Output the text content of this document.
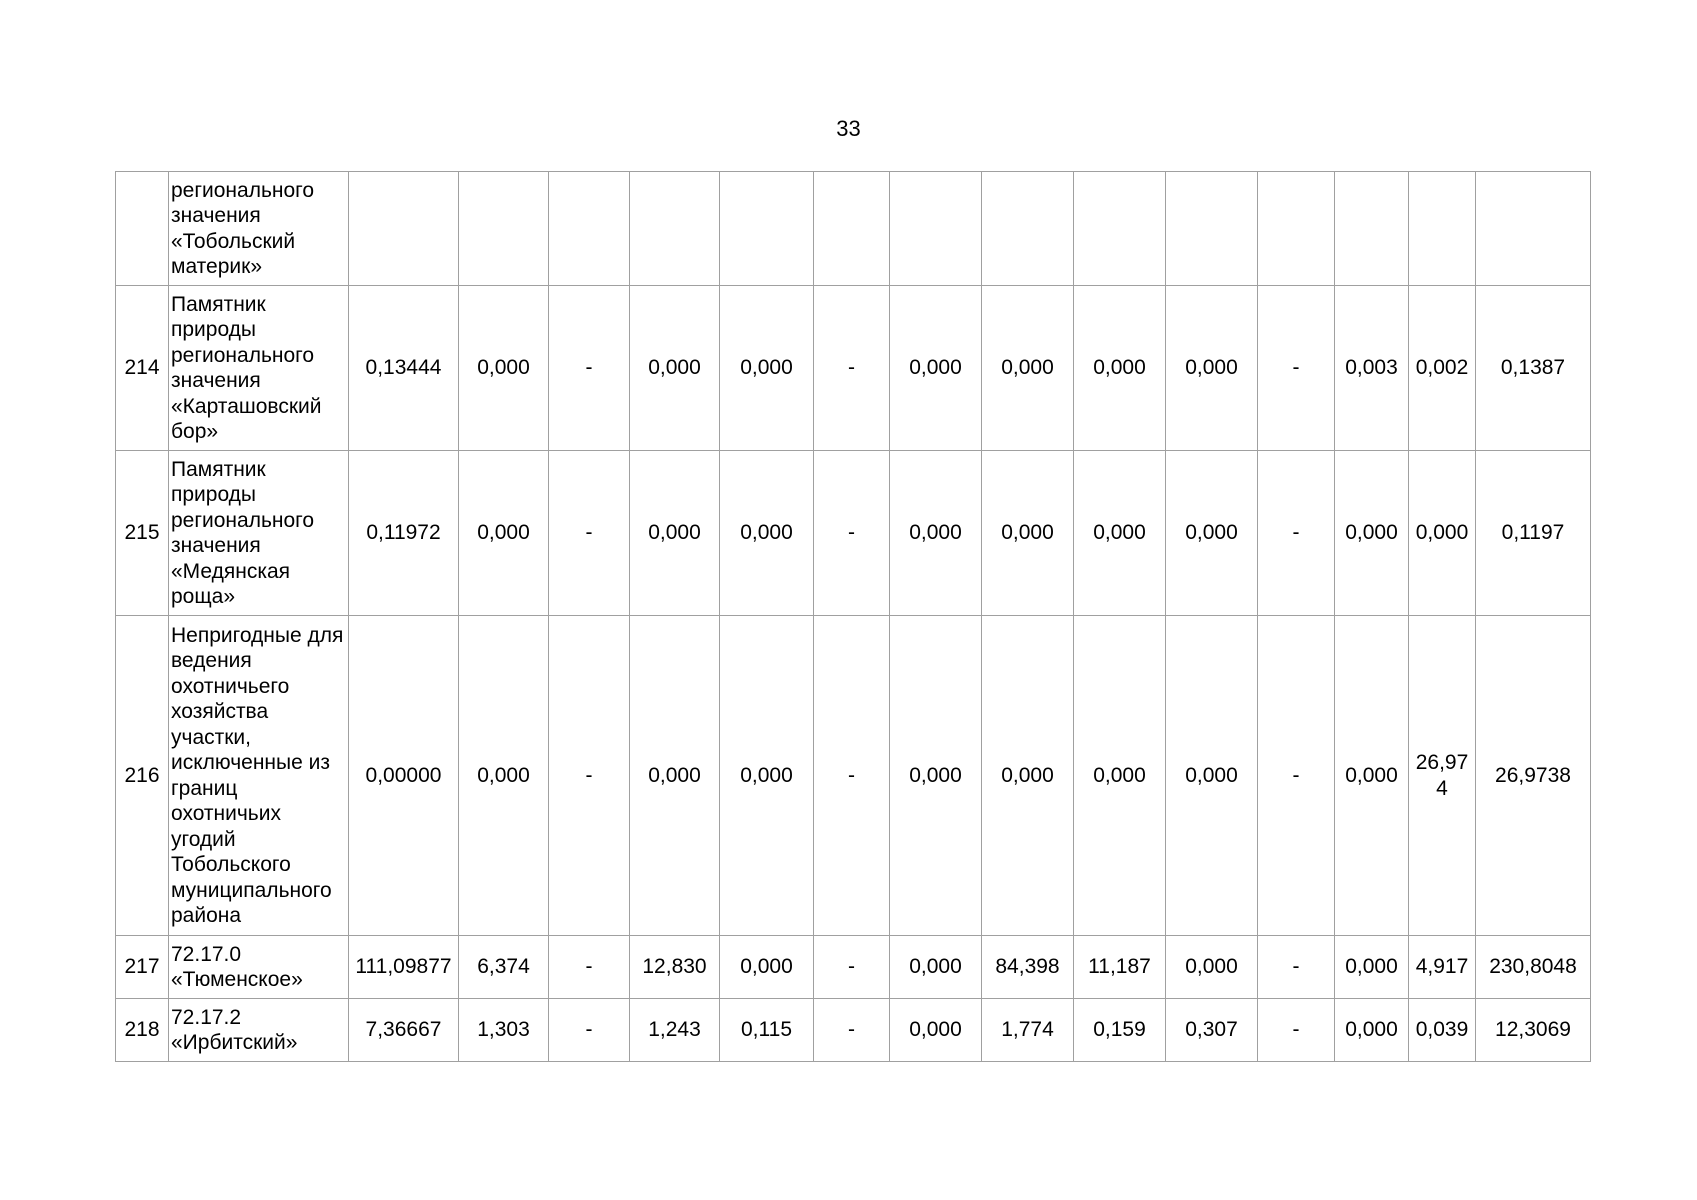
33
	регионального значения «Тобольский материк»														
214	Памятник природы регионального значения «Карташовский бор»	0,13444	0,000	-	0,000	0,000	-	0,000	0,000	0,000	0,000	-	0,003	0,002	0,1387
215	Памятник природы регионального значения «Медянская роща»	0,11972	0,000	-	0,000	0,000	-	0,000	0,000	0,000	0,000	-	0,000	0,000	0,1197
216	Непригодные для ведения охотничьего хозяйства участки, исключенные из границ охотничьих угодий Тобольского муниципального района	0,00000	0,000	-	0,000	0,000	-	0,000	0,000	0,000	0,000	-	0,000	26,974	26,9738
217	72.17.0 «Тюменское»	111,09877	6,374	-	12,830	0,000	-	0,000	84,398	11,187	0,000	-	0,000	4,917	230,8048
218	72.17.2 «Ирбитский»	7,36667	1,303	-	1,243	0,115	-	0,000	1,774	0,159	0,307	-	0,000	0,039	12,3069
